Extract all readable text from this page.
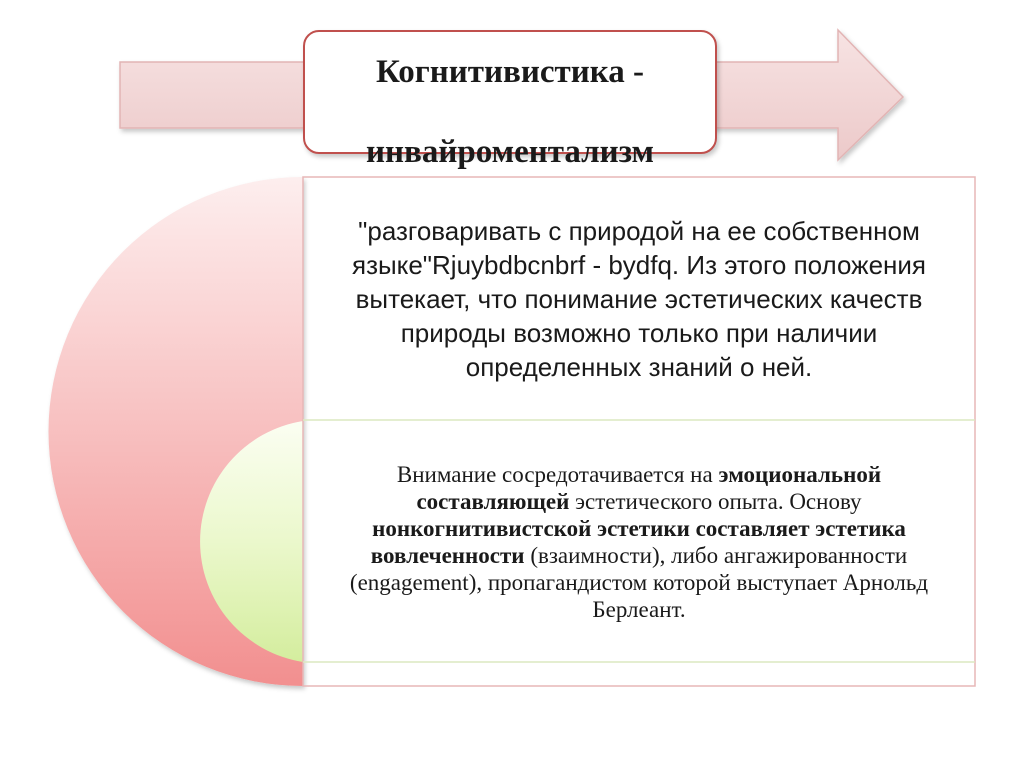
Когнитивистика -

инвайроментализм

"разговаривать с природой на ее собственном языке"Rjuybdbcnbrf - bydfq. Из этого положения вытекает, что понимание эстетических качеств природы возможно только при наличии определенных знаний о ней.
Внимание сосредотачивается на эмоциональной составляющей эстетического опыта. Основу нонкогнитивистской эстетики составляет эстетика вовлеченности (взаимности), либо ангажированности (engagement), пропагандистом которой выступает Арнольд Берлеант.
